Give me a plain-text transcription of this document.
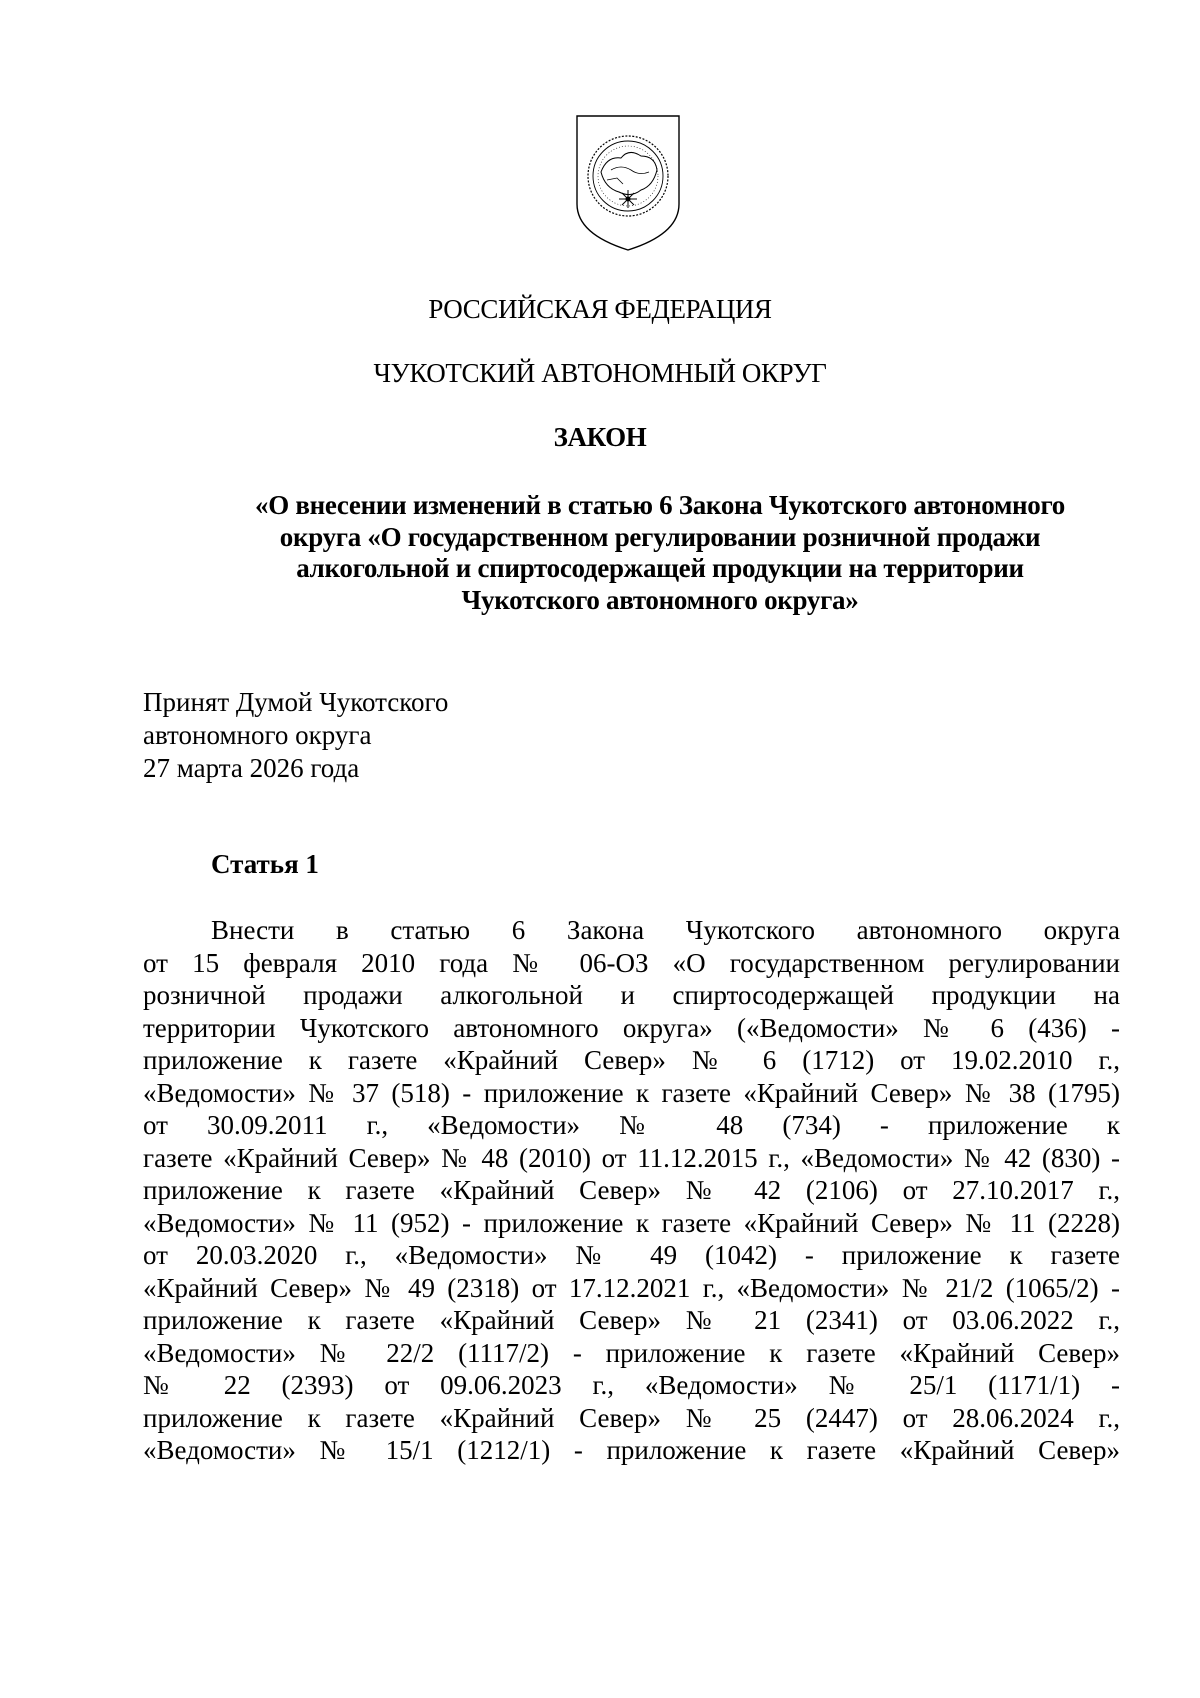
РОССИЙСКАЯ ФЕДЕРАЦИЯ
ЧУКОТСКИЙ АВТОНОМНЫЙ ОКРУГ
ЗАКОН
«О внесении изменений в статью 6 Закона Чукотского автономного
округа «О государственном регулировании розничной продажи
алкогольной и спиртосодержащей продукции на территории
Чукотского автономного округа»
Принят Думой Чукотского
автономного округа
27 марта 2026 года
Статья 1
Внести в статью 6 Закона Чукотского автономного округа
от 15 февраля 2010 года № 06-ОЗ «О государственном регулировании
розничной продажи алкогольной и спиртосодержащей продукции на
территории Чукотского автономного округа» («Ведомости» № 6 (436) -
приложение к газете «Крайний Север» № 6 (1712) от 19.02.2010 г.,
«Ведомости» № 37 (518) - приложение к газете «Крайний Север» № 38 (1795)
от 30.09.2011 г., «Ведомости» № 48 (734) - приложение к
газете «Крайний Север» № 48 (2010) от 11.12.2015 г., «Ведомости» № 42 (830) -
приложение к газете «Крайний Север» № 42 (2106) от 27.10.2017 г.,
«Ведомости» № 11 (952) - приложение к газете «Крайний Север» № 11 (2228)
от 20.03.2020 г., «Ведомости» № 49 (1042) - приложение к газете
«Крайний Север» № 49 (2318) от 17.12.2021 г., «Ведомости» № 21/2 (1065/2) -
приложение к газете «Крайний Север» № 21 (2341) от 03.06.2022 г.,
«Ведомости» № 22/2 (1117/2) - приложение к газете «Крайний Север»
№ 22 (2393) от 09.06.2023 г., «Ведомости» № 25/1 (1171/1) -
приложение к газете «Крайний Север» № 25 (2447) от 28.06.2024 г.,
«Ведомости» № 15/1 (1212/1) - приложение к газете «Крайний Север»
